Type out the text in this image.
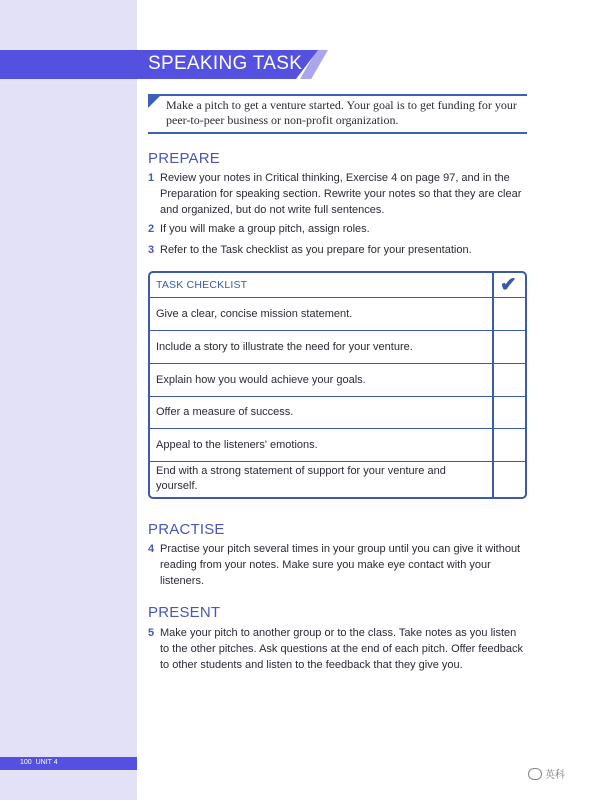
SPEAKING TASK
Make a pitch to get a venture started. Your goal is to get funding for your peer-to-peer business or non-profit organization.
PREPARE
1 Review your notes in Critical thinking, Exercise 4 on page 97, and in the Preparation for speaking section. Rewrite your notes so that they are clear and organized, but do not write full sentences.
2 If you will make a group pitch, assign roles.
3 Refer to the Task checklist as you prepare for your presentation.
TASK CHECKLIST	✔
Give a clear, concise mission statement.
Include a story to illustrate the need for your venture.
Explain how you would achieve your goals.
Offer a measure of success.
Appeal to the listeners' emotions.
End with a strong statement of support for your venture and yourself.
PRACTISE
4 Practise your pitch several times in your group until you can give it without reading from your notes. Make sure you make eye contact with your listeners.
PRESENT
5 Make your pitch to another group or to the class. Take notes as you listen to the other pitches. Ask questions at the end of each pitch. Offer feedback to other students and listen to the feedback that they give you.
100 UNIT 4
英科
